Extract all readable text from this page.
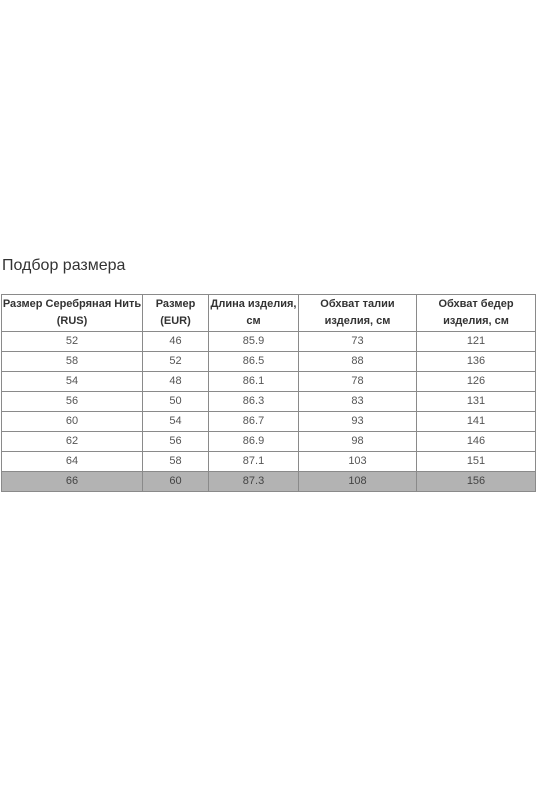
Подбор размера
Размер Серебряная Нить (RUS)	Размер (EUR)	Длина изделия, см	Обхват талии изделия, см	Обхват бедер изделия, см
52	46	85.9	73	121
58	52	86.5	88	136
54	48	86.1	78	126
56	50	86.3	83	131
60	54	86.7	93	141
62	56	86.9	98	146
64	58	87.1	103	151
66	60	87.3	108	156
